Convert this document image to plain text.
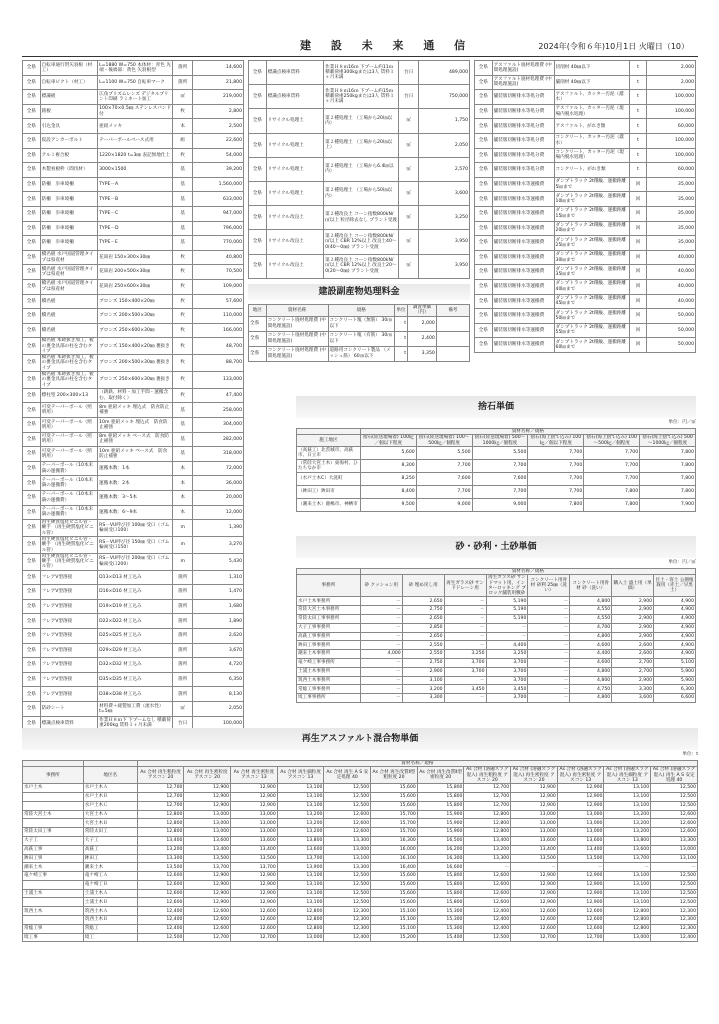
建 設 未 来 通 信	2024年(令和６年)10月1日 火曜日（10）
全県	自転車通行帯矢羽根（材工）	L=1880 W=750 本体材：青色 先端・後端部：黄色 矢羽根型	箇所	14,600
全県	自転車ピクト（材工）	L=1100 W=750 自転車マーク	箇所	21,800
全県	標識板	広角プリズムレンズ デジタルプリント印刷 ラミネート加工	㎡	219,000
全県	銘板	100×70×0.5㎜ ステンレスバンド付	枚	2,800
全県	引込金具	亜鉛メッキ	本	2,500
全県	仮設アンカーボルト	テーパーボールベース式用	組	22,600
全県	アルミ複合板	1220×1820 t=3㎜ 表記無地仕上	枚	54,000
全県	木製看板枠（間伐材）	3000×1500	基	39,200
全県	防柵　歩車境柵	TYPE－A	基	1,560,000
全県	防柵　歩車境柵	TYPE－B	基	633,000
全県	防柵　歩車境柵	TYPE－C	基	947,000
全県	防柵　歩車境柵	TYPE－D	基	796,000
全県	防柵　歩車境柵	TYPE－E	基	770,000
全県	橋名板 水戸国道管理タイプは県産材	花崗岩 150×300×30㎜	枚	40,800
全県	橋名板 水戸国道管理タイプは県産材	花崗岩 200×500×30㎜	枚	70,500
全県	橋名板 水戸国道管理タイプは県産材	花崗岩 250×600×30㎜	枚	109,000
全県	橋名板	ブロンズ 150×400×20㎜	枚	57,600
全県	橋名板	ブロンズ 200×500×30㎜	枚	110,000
全県	橋名板	ブロンズ 250×600×30㎜	枚	166,000
全県	橋名板 本鋳抜き加工、板の裏金具部の柱を含むタイプ	ブロンズ 150×400×20㎜ 裏抜き	枚	48,700
全県	橋名板 本鋳抜き加工、板の裏金具部の柱を含むタイプ	ブロンズ 200×500×30㎜ 裏抜き	枚	88,700
全県	橋名板 本鋳抜き加工、板の裏金具部の柱を含むタイプ	ブロンズ 250×600×30㎜ 裏抜き	枚	133,000
全県	標柱型 200×300×13	（鋳鉄、材料・加工手間・運搬含む、取付除く）	枚	47,400
全県	可変テーパーポール（照明用）	8m 亜鉛メッキ 埋込式　防食防止補強	基	258,000
全県	可変テーパーポール（照明用）	10m 亜鉛メッキ 埋込式　防食防止補強	基	304,000
全県	可変テーパーポール（照明用）	8m 亜鉛メッキ ベース式　防食防止補強	基	282,000
全県	可変テーパーポール（照明用）	10m 亜鉛メッキ ベース式　防食防止補強	基	318,000
全県	テーパーポール（10本未満の運搬費）	運搬本数：1本	本	72,000
全県	テーパーポール（10本未満の運搬費）	運搬本数：2本	本	36,000
全県	テーパーポール（10本未満の運搬費）	運搬本数：3～5本	本	20,000
全県	テーパーポール（10本未満の運搬費）	運搬本数：6～9本	本	12,000
全県	再生硬質塩化ビニル管・継手 （再生硬質塩化ビニル管）	RS－VU呼び径 100㎜ 受口（ゴム輪両受口100）	m	1,390
全県	再生硬質塩化ビニル管・継手 （再生硬質塩化ビニル管）	RS－VU呼び径 150㎜ 受口（ゴム輪両受口150）	m	3,270
全県	再生硬質塩化ビニル管・継手 （再生硬質塩化ビニル管）	RS－VU呼び径 200㎜ 受口（ゴム輪両受口200）	m	5,430
全県	フレアV型溶接	D13×D13 材工込み	箇所	1,310
全県	フレアV型溶接	D16×D16 材工込み	箇所	1,470
全県	フレアV型溶接	D19×D19 材工込み	箇所	1,680
全県	フレアV型溶接	D22×D22 材工込み	箇所	1,890
全県	フレアV型溶接	D25×D25 材工込み	箇所	2,620
全県	フレアV型溶接	D29×D29 材工込み	箇所	3,670
全県	フレアV型溶接	D32×D32 材工込み	箇所	4,720
全県	フレアV型溶接	D35×D35 材工込み	箇所	6,350
全県	フレアV型溶接	D38×D38 材工込み	箇所	8,130
全県	防砂シート	材料費＋縫製加工費（流水性） t=5㎜	㎡	2,050
全県	標識点検車賃料	作業Ｈ８ｍ下 下プームなし 積載荷重200kg 賃料１ヶ月未満	台日	100,000
全県	標識点検車賃料	作業Ｈ８ｍ16ｍ 下プーム約11ｍ 積載荷重300kgまたは3人 賃料１ヶ月未満	台日	489,000
全県	標識点検車賃料	作業Ｈ８ｍ16ｍ 下プーム約15ｍ 積載荷重250kgまたは3人 賃料１ヶ月未満	台日	750,000
全県	リサイクル処理土	第２種処理土 （工場から20㎞以内）	㎥	1,750
全県	リサイクル処理土	第２種処理土 （工場から20㎞以上）	㎥	2,050
全県	リサイクル処理土	第２種処理土 （工場から6.4㎞以内）	㎥	2,570
全県	リサイクル処理土	第２種処理土 （工場から50㎞以内）	㎥	3,600
全県	リサイクル改良土	第２種改良土 コーン指数800kN/㎡以上 粒径除去なし プラント受渡	㎥	3,250
全県	リサイクル改良土	第２種改良土 コーン指数800kN/㎡以上 CBR 12%以上 改良土40～0(40～0㎜) プラント受渡	㎥	3,950
全県	リサイクル改良土	第２種改良土 コーン指数800kN/㎡以上 CBR 12%以上 改良土20～0(20～0㎜) プラント受渡	㎥	3,950
建設副産物処理料金
地区	資材名称	規格	単位	調査単価（円）	備考
全県	コンクリート廃材処理費 (中間処理施設)	コンクリート塊（無筋） 30㎝以下	t	2,000	
全県	コンクリート廃材処理費 (中間処理施設)	コンクリート塊（有筋） 30㎝以下	t	2,400	
全県	コンクリート廃材処理費 (中間処理施設)	道路用コンクリート製品 （メッシュ筋） 60㎝以下	t	3,350	
全県	アスファルト廃材処理費 (中間処理施設)	切削材 40㎜以下	t	2,000
全県	アスファルト廃材処理費 (中間処理施設)	舗削材 40㎜以下	t	2,000
全県	舗装版切断排水等処分費	アスファルト、カッター汚泥（濃水）	t	100,000
全県	舗装版切断排水等処分費	アスファルト、カッター汚泥（現場内脱水処理）	t	100,000
全県	舗装版切断排水等処分費	アスファルト、がれき類	t	60,000
全県	舗装版切断排水等処分費	コンクリート、カッター汚泥（濃水）	t	100,000
全県	舗装版切断排水等処分費	コンクリート、カッター汚泥（現場内脱水処理）	t	100,000
全県	舗装版切断排水等処分費	コンクリート、がれき類	t	60,000
全県	舗装版切断排水等運搬費	ダンプトラック 2t積級、運搬距離 5㎞まで	回	35,000
全県	舗装版切断排水等運搬費	ダンプトラック 2t積級、運搬距離 10㎞まで	回	35,000
全県	舗装版切断排水等運搬費	ダンプトラック 2t積級、運搬距離 15㎞まで	回	35,000
全県	舗装版切断排水等運搬費	ダンプトラック 2t積級、運搬距離 20㎞まで	回	35,000
全県	舗装版切断排水等運搬費	ダンプトラック 2t積級、運搬距離 25㎞まで	回	35,000
全県	舗装版切断排水等運搬費	ダンプトラック 2t積級、運搬距離 30㎞まで	回	40,000
全県	舗装版切断排水等運搬費	ダンプトラック 2t積級、運搬距離 35㎞まで	回	40,000
全県	舗装版切断排水等運搬費	ダンプトラック 2t積級、運搬距離 40㎞まで	回	40,000
全県	舗装版切断排水等運搬費	ダンプトラック 2t積級、運搬距離 45㎞まで	回	40,000
全県	舗装版切断排水等運搬費	ダンプトラック 2t積級、運搬距離 50㎞まで	回	50,000
全県	舗装版切断排水等運搬費	ダンプトラック 2t積級、運搬距離 55㎞まで	回	50,000
全県	舗装版切断排水等運搬費	ダンプトラック 2t積級、運搬距離 60㎞まで	回	50,000
捨石単価
単位：円／㎥
	資材名称／規格					
施工地区	捨石(陸送現場着) 100㎏／個以下程度	捨石(陸送現場着) 100～500㎏／個程度	捨石(陸送現場着) 500～1000㎏／個程度	捨石(海上捨て込み) 100㎏／個以下程度	捨石(海上捨て込み) 100～500㎏／個程度	捨石(海上捨て込み) 500～1000㎏／個程度
（高萩工）北茨城市、高萩市、日立市	5,600	5,500	5,500	7,700	7,700	7,800
（常陸大宮土木）東海村、ひたちなか市	8,300	7,700	7,700	7,700	7,700	7,800
（水戸土木C）大洗町	8,250	7,600	7,600	7,700	7,700	7,800
（鉾田工）鉾田市	8,400	7,700	7,700	7,700	7,800	7,800
（潮来土木）鹿嶋市、神栖市	9,500	9,000	9,000	7,800	7,800	7,900
砂・砂利・土砂単価
単位：円／㎥
	資材名称／規格							
事務所	砂 クッション用	砂 埋め戻し用	再生ガラス砂 サンドドレーン用	再生ガラス砂 サンドマット用、インターロッキング ブロック舗装用敷砂	コンクリート用骨材 砂利 25㎜（洗い）	コンクリート用骨材 砂（洗い）	購入土 盛土用（単価）	目土・客土 公園植栽用（赤土／早黒土）
水戸土木事務所	－	2,650	－	5,190	－	4,800	2,900	4,900
常陸大宮土木事務所	－	2,750	－	5,190	－	4,550	2,900	4,900
常陸太田工事事務所	－	2,650	－	5,190	－	4,550	2,900	4,900
大子工事事務所	－	2,850	－	－	－	4,700	2,900	4,900
高萩工事事務所	－	2,650	－	－	－	4,800	2,900	4,900
鉾田工事事務所	－	2,550	－	4,400	－	4,600	2,600	4,900
潮来土木事務所	4,000	2,550	3,250	3,250	－	4,400	2,600	4,900
竜ケ崎工事事務所	－	2,750	3,700	3,700	－	4,600	2,700	5,100
土浦土木事務所	－	2,900	3,700	3,700	－	4,800	2,700	5,900
筑西土木事務所	－	3,100	－	3,700	－	4,800	2,900	5,900
常総工事事務所	－	3,200	3,450	3,450	－	4,750	3,300	6,300
境工事事務所	－	3,300	－	3,700	－	4,800	3,600	6,600
再生アスファルト混合物単価
単位：t
		資材名称／規格											
事務所	地区名	As 合材 再生粗粒度 アスコン 20	As 合材 再生密粒度 アスコン 20	As 合材 再生密粒度 アスコン 13	As 合材 再生細粒度 アスコン 13	As 合材 再生 A S 安定処理 40	As 合材 再生改質Ⅱ型 粗粒度 20	As 合材 再生改質Ⅱ型 密粒度 20	As 合材 (溶融スラグ混入) 再生粗粒度 アスコン 20	As 合材 (溶融スラグ混入) 再生密粒度 アスコン 20	As 合材 (溶融スラグ混入) 再生密粒度 アスコン 13	As 合材 (溶融スラグ混入) 再生細粒度 アスコン 13	As 合材 (溶融スラグ混入) 再生 A S 安定処理 40
水戸土木	水戸土木Ａ	12,700	12,900	12,900	13,100	12,500	15,600	15,800	12,700	12,900	12,900	13,100	12,500
	水戸土木Ｂ	12,700	12,900	12,900	13,100	12,500	15,600	15,800	12,700	12,900	12,900	13,100	12,500
	水戸土木Ｃ	12,700	12,900	12,900	13,100	12,500	15,600	15,800	12,700	12,900	12,900	13,100	12,500
常陸大宮土木	大宮土木Ａ	12,800	13,000	13,000	13,200	12,600	15,700	15,900	12,800	13,000	13,000	13,200	12,600
	大宮土木Ｂ	12,800	13,000	13,000	13,200	12,600	15,700	15,900	12,800	13,000	13,000	13,200	12,600
常陸太田工事	常陸太田工	12,800	13,000	13,000	13,200	12,600	15,700	15,900	12,800	13,000	13,000	13,200	12,600
大子工	大子工	13,400	13,600	13,600	13,800	13,300	16,300	16,500	13,400	13,600	13,600	13,800	13,300
高萩工事	高萩工	13,200	13,400	13,400	13,600	13,000	16,000	16,200	13,200	13,400	13,400	13,600	13,000
鉾田工事	鉾田工	13,300	13,500	13,500	13,700	13,100	16,100	16,300	13,300	13,500	13,500	13,700	13,100
潮来土木	潮来土木	13,500	13,700	13,700	13,900	13,300	16,400	16,600	－	－	－	－	－
竜ケ崎工事	竜ケ崎工Ａ	12,600	12,900	12,900	13,100	12,500	15,600	15,800	12,600	12,900	12,900	13,100	12,500
	竜ケ崎工Ｂ	12,600	12,900	12,900	13,100	12,500	15,600	15,800	12,600	12,900	12,900	13,100	12,500
土浦土木	土浦土木Ａ	12,600	12,900	12,900	13,100	12,500	15,600	15,800	12,600	12,900	12,900	13,100	12,500
	土浦土木Ｂ	12,600	12,900	12,900	13,100	12,500	15,600	15,800	12,600	12,900	12,900	13,100	12,500
筑西土木	筑西土木Ａ	12,400	12,600	12,600	12,800	12,300	15,100	15,300	12,400	12,600	12,600	12,800	12,300
	筑西土木Ｂ	12,400	12,600	12,600	12,800	12,300	15,100	15,300	12,400	12,600	12,600	12,800	12,300
常総工事	常総工	12,400	12,600	12,600	12,800	12,300	15,100	15,300	12,400	12,600	12,600	12,800	12,300
境工事	境工	12,500	12,700	12,700	13,000	12,400	15,200	15,400	12,500	12,700	12,700	13,000	12,400
